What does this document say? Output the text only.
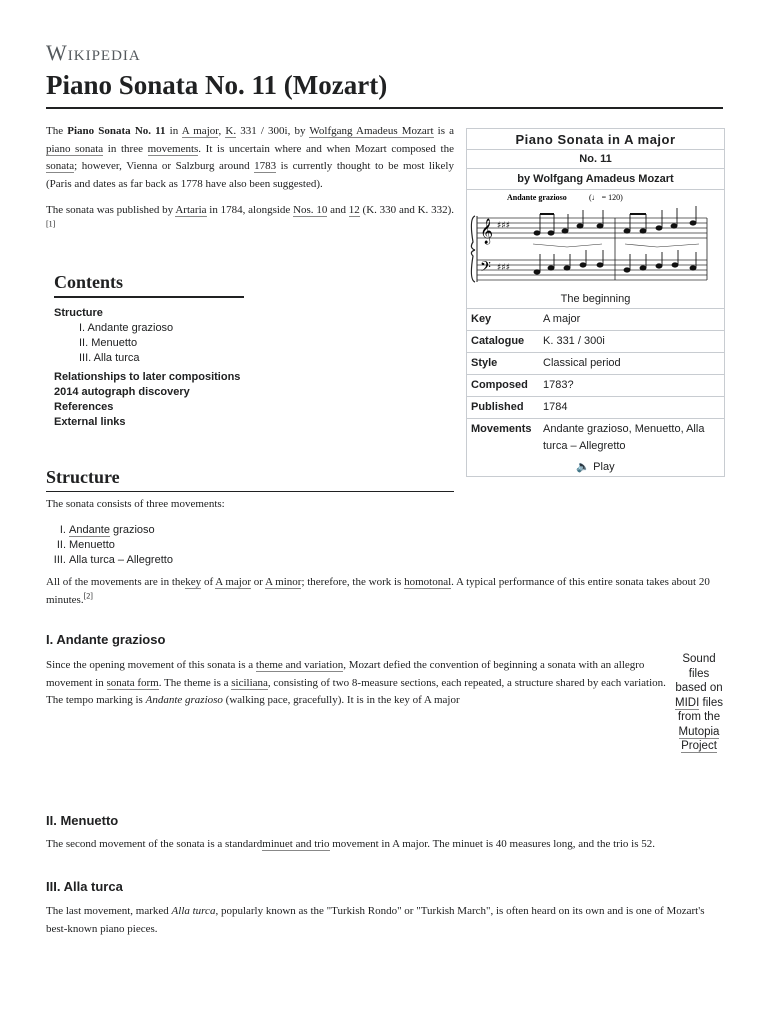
Wikipedia
Piano Sonata No. 11 (Mozart)
The Piano Sonata No. 11 in A major, K. 331 / 300i, by Wolfgang Amadeus Mozart is a piano sonata in three movements. It is uncertain where and when Mozart composed the sonata; however, Vienna or Salzburg around 1783 is currently thought to be most likely (Paris and dates as far back as 1778 have also been suggested).
The sonata was published by Artaria in 1784, alongside Nos. 10 and 12 (K. 330 and K. 332).[1]
Contents
Structure
I. Andante grazioso
II. Menuetto
III. Alla turca
Relationships to later compositions
2014 autograph discovery
References
External links
Piano Sonata in A major
No. 11
by Wolfgang Amadeus Mozart
Andante grazioso	(♩ = 120)
𝄞
𝄢
♯♯♯
♯♯♯
The beginning
Key	A major
Catalogue	K. 331 / 300i
Style	Classical period
Composed	1783?
Published	1784
Movements	Andante grazioso, Menuetto, Alla turca – Allegretto
🔈 Play
Structure
The sonata consists of three movements:
I. Andante grazioso
II. Menuetto
III. Alla turca – Allegretto
All of the movements are in thekey of A major or A minor; therefore, the work is homotonal. A typical performance of this entire sonata takes about 20 minutes.[2]
I. Andante grazioso
Since the opening movement of this sonata is a theme and variation, Mozart defied the convention of beginning a sonata with an allegro movement in sonata form. The theme is a siciliana, consisting of two 8-measure sections, each repeated, a structure shared by each variation. The tempo marking is Andante grazioso (walking pace, gracefully). It is in the key of A major
Sound files based on MIDI files from the Mutopia Project
II. Menuetto
The second movement of the sonata is a standardminuet and trio movement in A major. The minuet is 40 measures long, and the trio is 52.
III. Alla turca
The last movement, marked Alla turca, popularly known as the "Turkish Rondo" or "Turkish March", is often heard on its own and is one of Mozart's best-known piano pieces.
